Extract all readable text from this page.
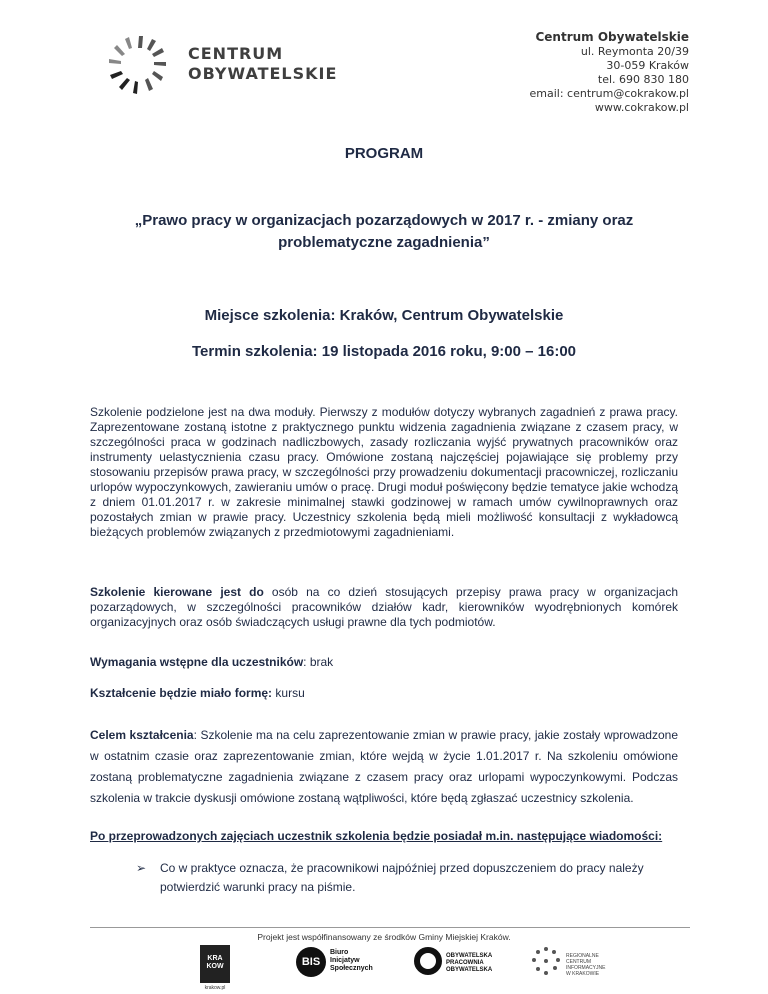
CENTRUM
OBYWATELSKIE
Centrum Obywatelskie
ul. Reymonta 20/39
30-059 Kraków
tel. 690 830 180
email: centrum@cokrakow.pl
www.cokrakow.pl
PROGRAM
„Prawo pracy w organizacjach pozarządowych w 2017 r. - zmiany oraz
problematyczne zagadnienia”
Miejsce szkolenia: Kraków, Centrum Obywatelskie
Termin szkolenia: 19 listopada 2016 roku, 9:00 – 16:00
Szkolenie podzielone jest na dwa moduły. Pierwszy z modułów dotyczy wybranych zagadnień z prawa pracy. Zaprezentowane zostaną istotne z praktycznego punktu widzenia zagadnienia związane z czasem pracy, w szczególności praca w godzinach nadliczbowych, zasady rozliczania wyjść prywatnych pracowników oraz instrumenty uelastycznienia czasu pracy. Omówione zostaną najczęściej pojawiające się problemy przy stosowaniu przepisów prawa pracy, w szczególności przy prowadzeniu dokumentacji pracowniczej, rozliczaniu urlopów wypoczynkowych, zawieraniu umów o pracę. Drugi moduł poświęcony będzie tematyce jakie wchodzą z dniem 01.01.2017 r. w zakresie minimalnej stawki godzinowej w ramach umów cywilnoprawnych oraz pozostałych zmian w prawie pracy. Uczestnicy szkolenia będą mieli możliwość konsultacji z wykładowcą bieżących problemów związanych z przedmiotowymi zagadnieniami.
Szkolenie kierowane jest do osób na co dzień stosujących przepisy prawa pracy w organizacjach pozarządowych, w szczególności pracowników działów kadr, kierowników wyodrębnionych komórek organizacyjnych oraz osób świadczących usługi prawne dla tych podmiotów.
Wymagania wstępne dla uczestników: brak
Kształcenie będzie miało formę: kursu
Celem kształcenia: Szkolenie ma na celu zaprezentowanie zmian w prawie pracy, jakie zostały wprowadzone w ostatnim czasie oraz zaprezentowanie zmian, które wejdą w życie 1.01.2017 r. Na szkoleniu omówione zostaną problematyczne zagadnienia związane z czasem pracy oraz urlopami wypoczynkowymi. Podczas szkolenia w trakcie dyskusji omówione zostaną wątpliwości, które będą zgłaszać uczestnicy szkolenia.
Po przeprowadzonych zajęciach uczestnik szkolenia będzie posiadał m.in. następujące wiadomości:
➢	Co w praktyce oznacza, że pracownikowi najpóźniej przed dopuszczeniem do pracy należy potwierdzić warunki pracy na piśmie.
Projekt jest współfinansowany ze środków Gminy Miejskiej Kraków.
KRA
KOW
krakow.pl
BIS
Biuro
Inicjatyw
Społecznych
OBYWATELSKA
PRACOWNIA
OBYWATELSKA
REGIONALNE
CENTRUM
INFORMACYJNE
W KRAKOWIE
